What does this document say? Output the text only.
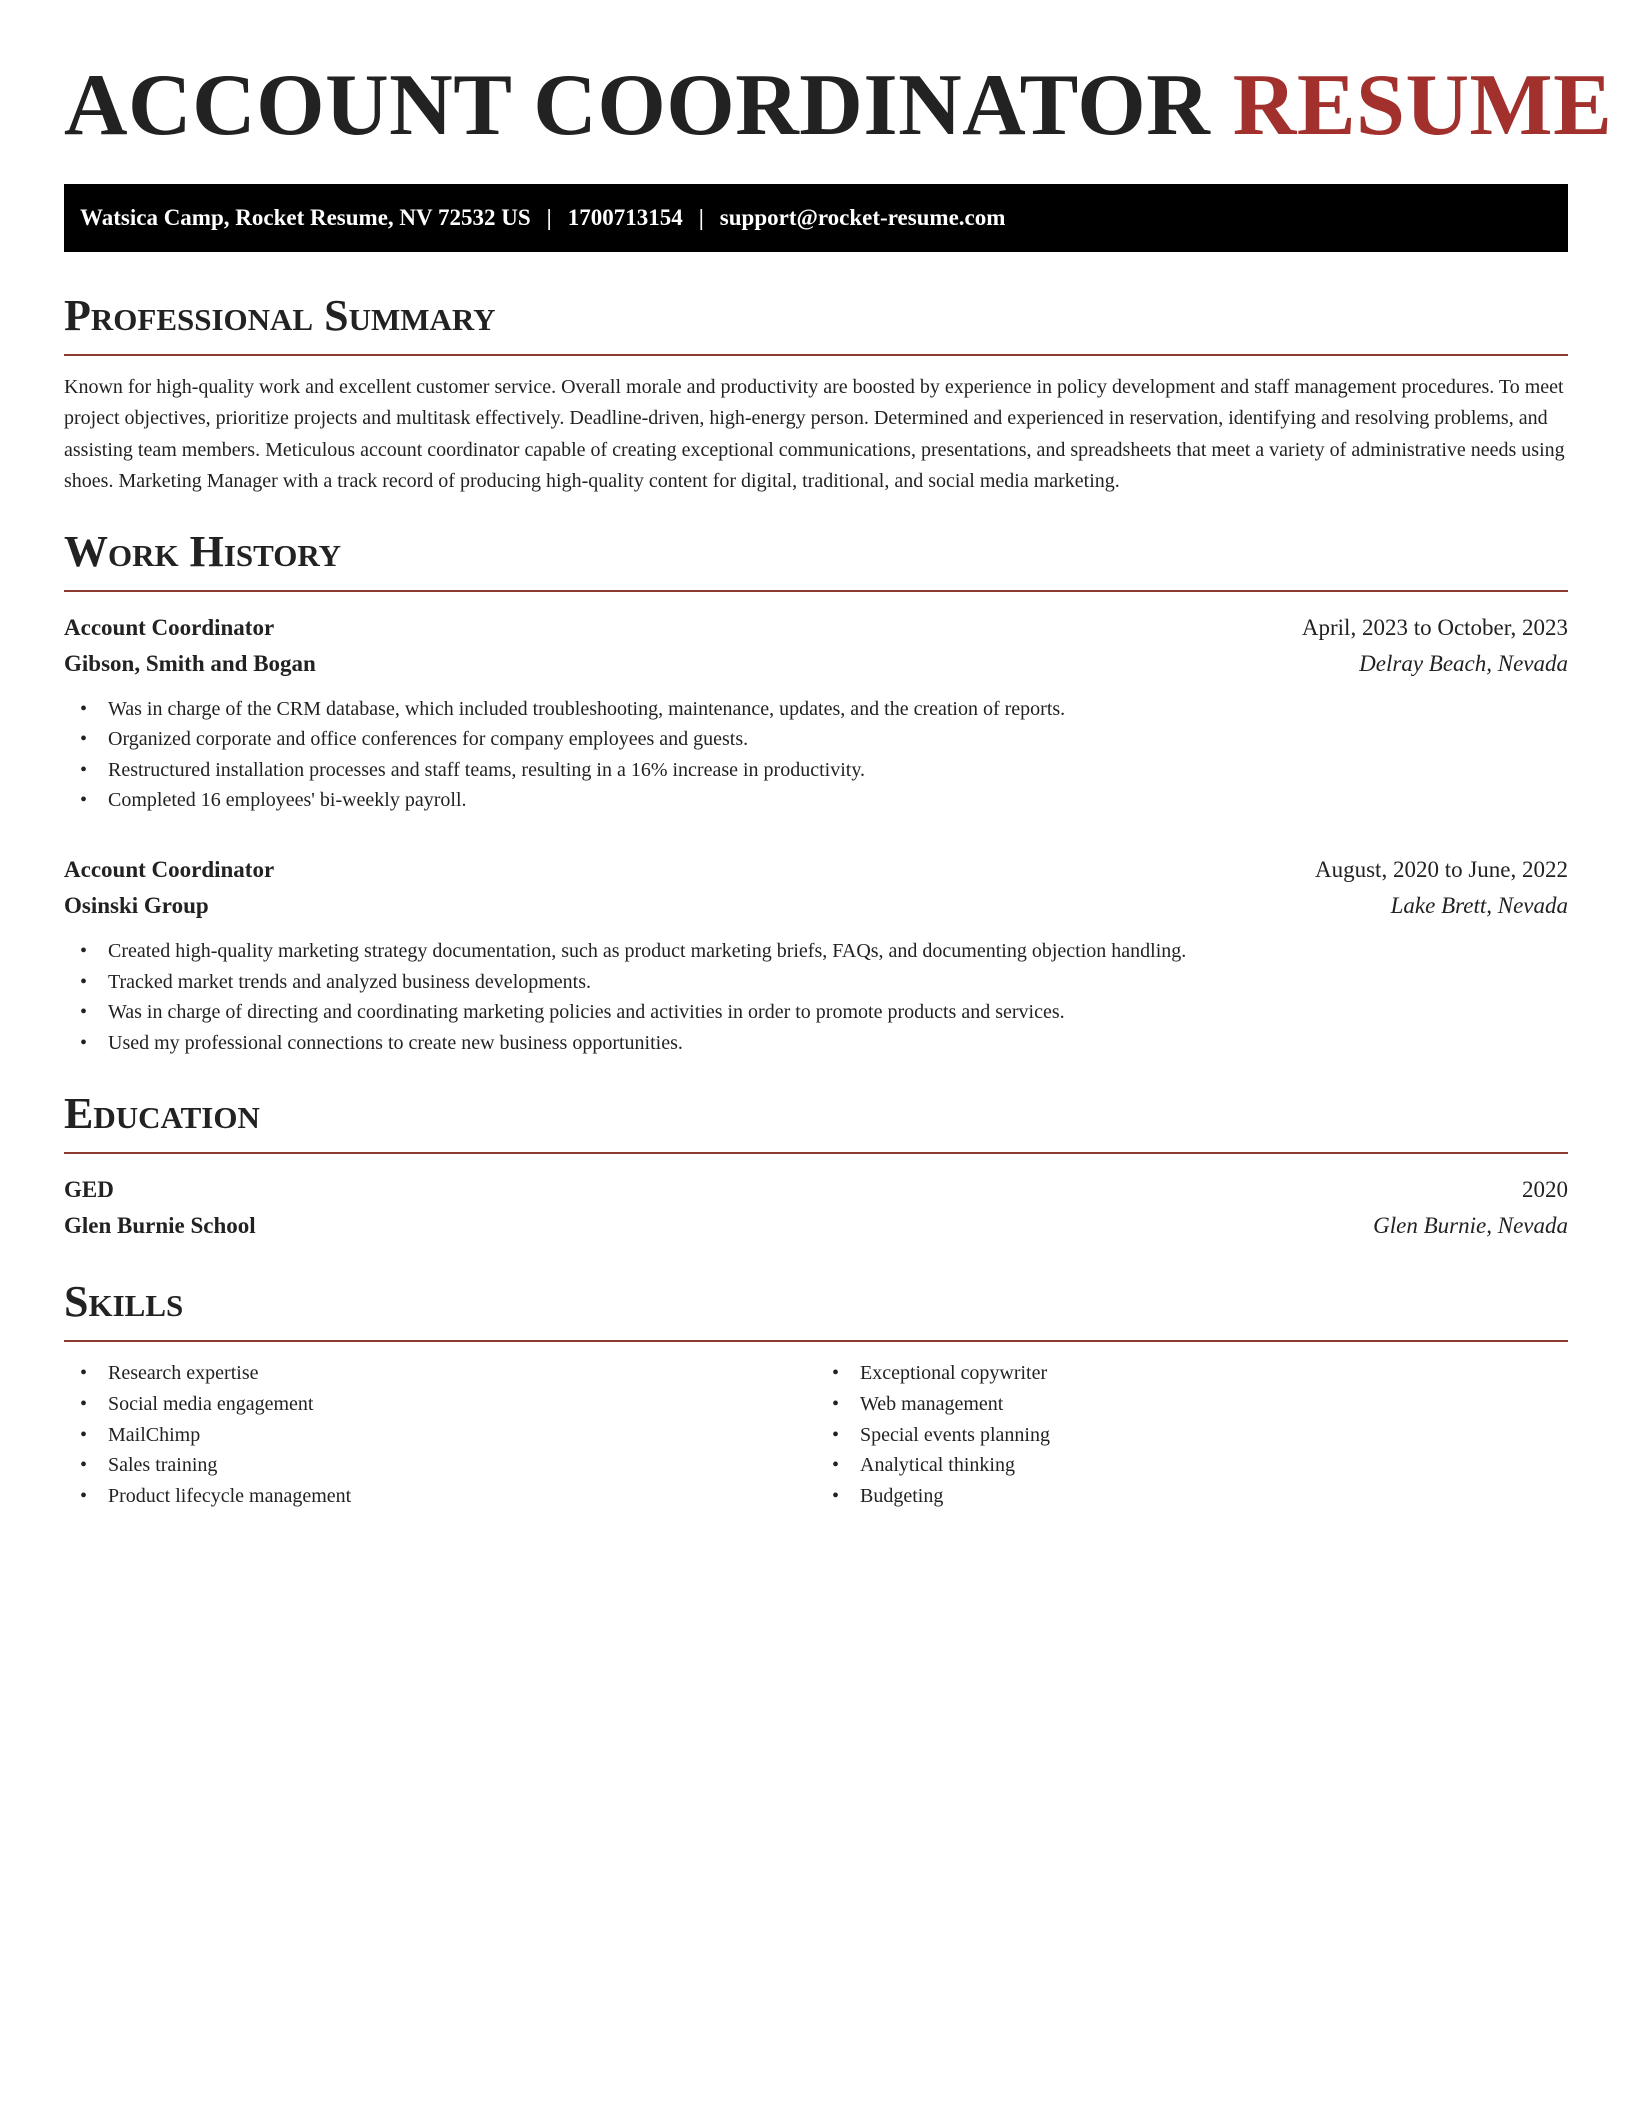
ACCOUNT COORDINATOR RESUME
Watsica Camp, Rocket Resume, NV 72532 US | 1700713154 | support@rocket-resume.com
Professional Summary

Known for high-quality work and excellent customer service. Overall morale and productivity are boosted by experience in policy development and staff management procedures. To meet project objectives, prioritize projects and multitask effectively. Deadline-driven, high-energy person. Determined and experienced in reservation, identifying and resolving problems, and assisting team members. Meticulous account coordinator capable of creating exceptional communications, presentations, and spreadsheets that meet a variety of administrative needs using shoes. Marketing Manager with a track record of producing high-quality content for digital, traditional, and social media marketing.

Work History
Account Coordinator	April, 2023 to October, 2023
Gibson, Smith and Bogan	Delray Beach, Nevada
• Was in charge of the CRM database, which included troubleshooting, maintenance, updates, and the creation of reports.
• Organized corporate and office conferences for company employees and guests.
• Restructured installation processes and staff teams, resulting in a 16% increase in productivity.
• Completed 16 employees' bi-weekly payroll.
Account Coordinator	August, 2020 to June, 2022
Osinski Group	Lake Brett, Nevada
• Created high-quality marketing strategy documentation, such as product marketing briefs, FAQs, and documenting objection handling.
• Tracked market trends and analyzed business developments.
• Was in charge of directing and coordinating marketing policies and activities in order to promote products and services.
• Used my professional connections to create new business opportunities.
Education
GED	2020
Glen Burnie School	Glen Burnie, Nevada
Skills
• Research expertise
• Social media engagement
• MailChimp
• Sales training
• Product lifecycle management
• Exceptional copywriter
• Web management
• Special events planning
• Analytical thinking
• Budgeting
